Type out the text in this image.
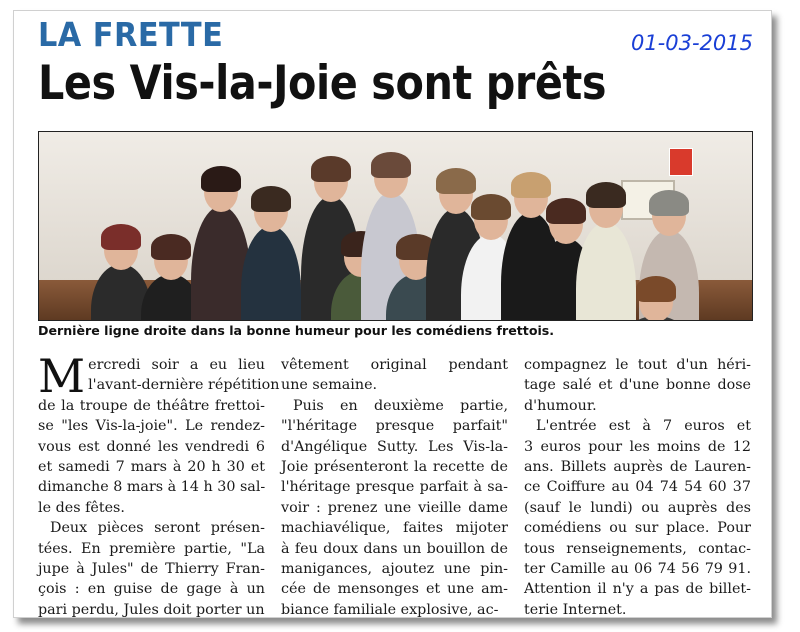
LA FRETTE	01-03-2015
Les Vis-la-Joie sont prêts
Dernière ligne droite dans la bonne humeur pour les comédiens frettois.
M ercredi soir a eu lieu
l'avant-dernière répétition
de la troupe de théâtre frettoi-
se "les Vis-la-joie". Le rendez-
vous est donné les vendredi 6
et samedi 7 mars à 20 h 30 et
dimanche 8 mars à 14 h 30 sal-
le des fêtes.
Deux pièces seront présen-
tées. En première partie, "La
jupe à Jules" de Thierry Fran-
çois : en guise de gage à un
pari perdu, Jules doit porter un
vêtement original pendant
une semaine.
Puis en deuxième partie,
"l'héritage presque parfait"
d'Angélique Sutty. Les Vis-la-
Joie présenteront la recette de
l'héritage presque parfait à sa-
voir : prenez une vieille dame
machiavélique, faites mijoter
à feu doux dans un bouillon de
manigances, ajoutez une pin-
cée de mensonges et une am-
biance familiale explosive, ac-
compagnez le tout d'un héri-
tage salé et d'une bonne dose
d'humour.
L'entrée est à 7 euros et
3 euros pour les moins de 12
ans. Billets auprès de Lauren-
ce Coiffure au 04 74 54 60 37
(sauf le lundi) ou auprès des
comédiens ou sur place. Pour
tous renseignements, contac-
ter Camille au 06 74 56 79 91.
Attention il n'y a pas de billet-
terie Internet.
